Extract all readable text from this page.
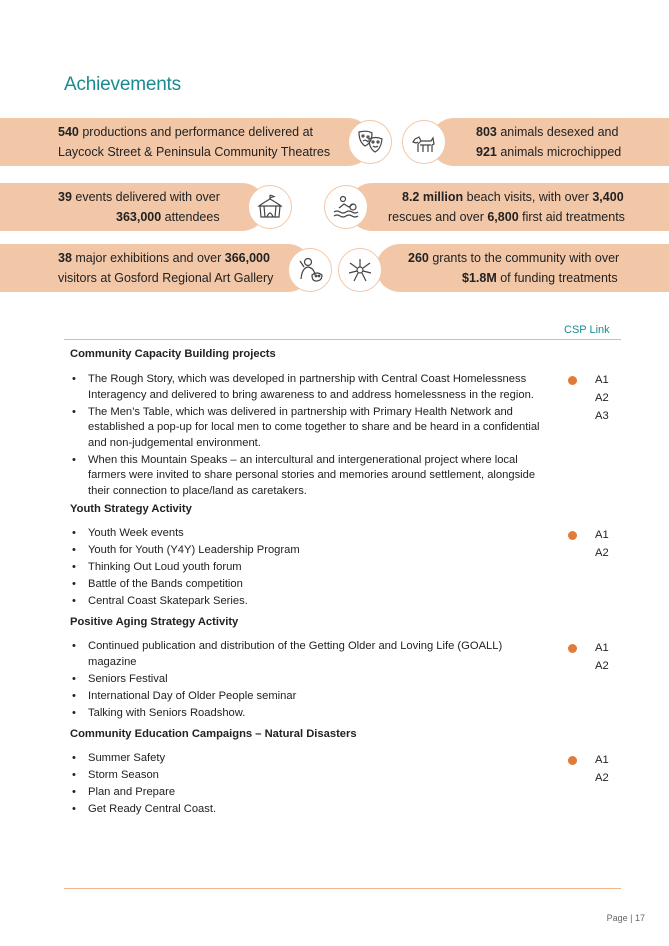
Achievements
540 productions and performance delivered at
Laycock Street & Peninsula Community Theatres
803 animals desexed and
921 animals microchipped
39 events delivered with over
363,000 attendees
8.2 million beach visits, with over 3,400
rescues and over 6,800 first aid treatments
38 major exhibitions and over 366,000
visitors at Gosford Regional Art Gallery
260 grants to the community with over
$1.8M of funding treatments
CSP Link
Community Capacity Building projects
• The Rough Story, which was developed in partnership with Central Coast Homelessness Interagency and delivered to bring awareness to and address homelessness in the region.
• The Men’s Table, which was delivered in partnership with Primary Health Network and established a pop-up for local men to come together to share and be heard in a confidential and non-judgemental environment.
• When this Mountain Speaks – an intercultural and intergenerational project where local farmers were invited to share personal stories and memories around settlement, alongside their connection to place/land as caretakers.
A1
A2
A3
Youth Strategy Activity
• Youth Week events
• Youth for Youth (Y4Y) Leadership Program
• Thinking Out Loud youth forum
• Battle of the Bands competition
• Central Coast Skatepark Series.
A1
A2
Positive Aging Strategy Activity
• Continued publication and distribution of the Getting Older and Loving Life (GOALL) magazine
• Seniors Festival
• International Day of Older People seminar
• Talking with Seniors Roadshow.
A1
A2
Community Education Campaigns – Natural Disasters
• Summer Safety
• Storm Season
• Plan and Prepare
• Get Ready Central Coast.
A1
A2
Page | 17
